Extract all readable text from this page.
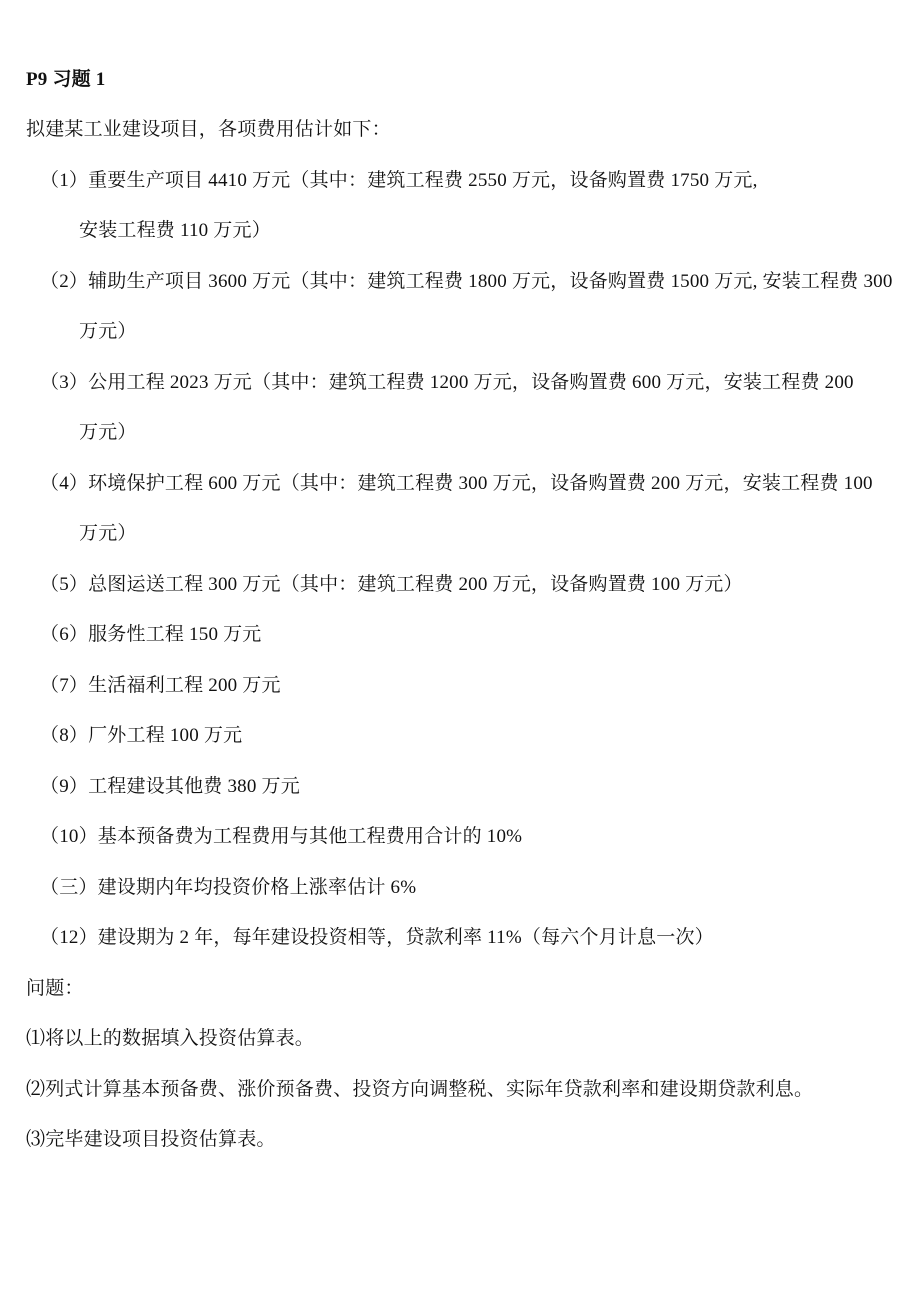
P9 习题 1
拟建某工业建设项目，各项费用估计如下：
（1）重要生产项目 4410 万元（其中：建筑工程费 2550 万元，设备购置费 1750 万元,
安装工程费 110 万元）
（2）辅助生产项目 3600 万元（其中：建筑工程费 1800 万元，设备购置费 1500 万元, 安装工程费 300
万元）
（3）公用工程 2023 万元（其中：建筑工程费 1200 万元，设备购置费 600 万元，安装工程费 200
万元）
（4）环境保护工程 600 万元（其中：建筑工程费 300 万元，设备购置费 200 万元，安装工程费 100
万元）
（5）总图运送工程 300 万元（其中：建筑工程费 200 万元，设备购置费 100 万元）
（6）服务性工程 150 万元
（7）生活福利工程 200 万元
（8）厂外工程 100 万元
（9）工程建设其他费 380 万元
（10）基本预备费为工程费用与其他工程费用合计的 10%
（三）建设期内年均投资价格上涨率估计 6%
（12）建设期为 2 年，每年建设投资相等，贷款利率 11%（每六个月计息一次）
问题：
⑴将以上的数据填入投资估算表。
⑵列式计算基本预备费、涨价预备费、投资方向调整税、实际年贷款利率和建设期贷款利息。
⑶完毕建设项目投资估算表。
